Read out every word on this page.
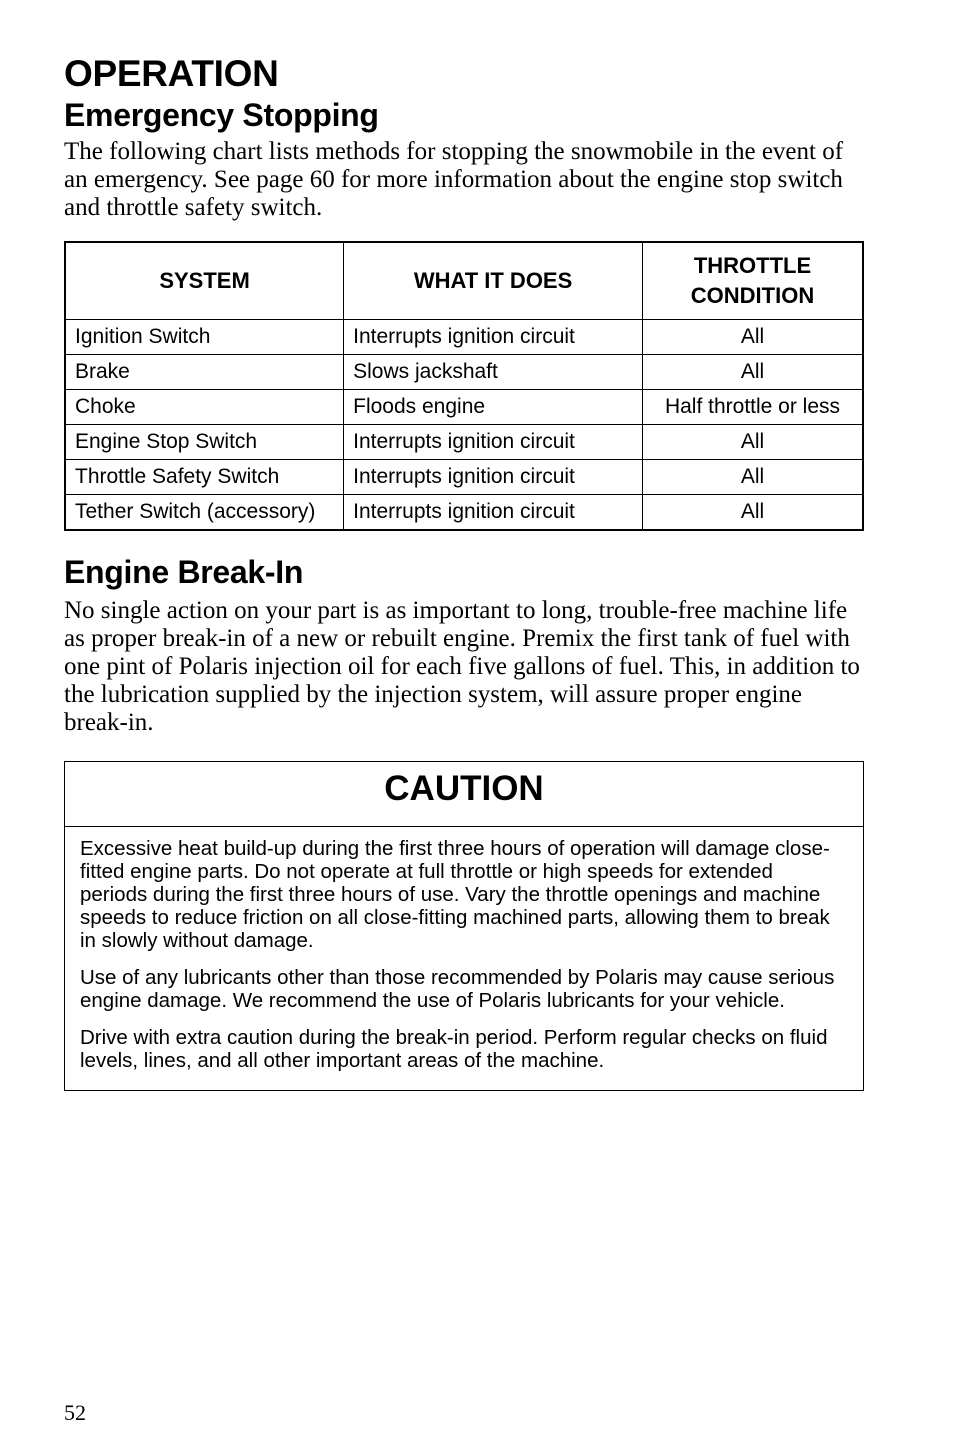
OPERATION
Emergency Stopping

The following chart lists methods for stopping the snowmobile in the event of an emergency. See page 60 for more information about the engine stop switch and throttle safety switch.

SYSTEM	WHAT IT DOES	THROTTLE CONDITION
Ignition Switch	Interrupts ignition circuit	All
Brake	Slows jackshaft	All
Choke	Floods engine	Half throttle or less
Engine Stop Switch	Interrupts ignition circuit	All
Throttle Safety Switch	Interrupts ignition circuit	All
Tether Switch (accessory)	Interrupts ignition circuit	All
Engine Break-In

No single action on your part is as important to long, trouble-free machine life as proper break-in of a new or rebuilt engine. Premix the first tank of fuel with one pint of Polaris injection oil for each five gallons of fuel. This, in addition to the lubrication supplied by the injection system, will assure proper engine break-in.

CAUTION

Excessive heat build-up during the first three hours of operation will damage close-fitted engine parts. Do not operate at full throttle or high speeds for extended periods during the first three hours of use. Vary the throttle openings and machine speeds to reduce friction on all close-fitting machined parts, allowing them to break in slowly without damage.

Use of any lubricants other than those recommended by Polaris may cause serious engine damage. We recommend the use of Polaris lubricants for your vehicle.

Drive with extra caution during the break-in period. Perform regular checks on fluid levels, lines, and all other important areas of the machine.

52
